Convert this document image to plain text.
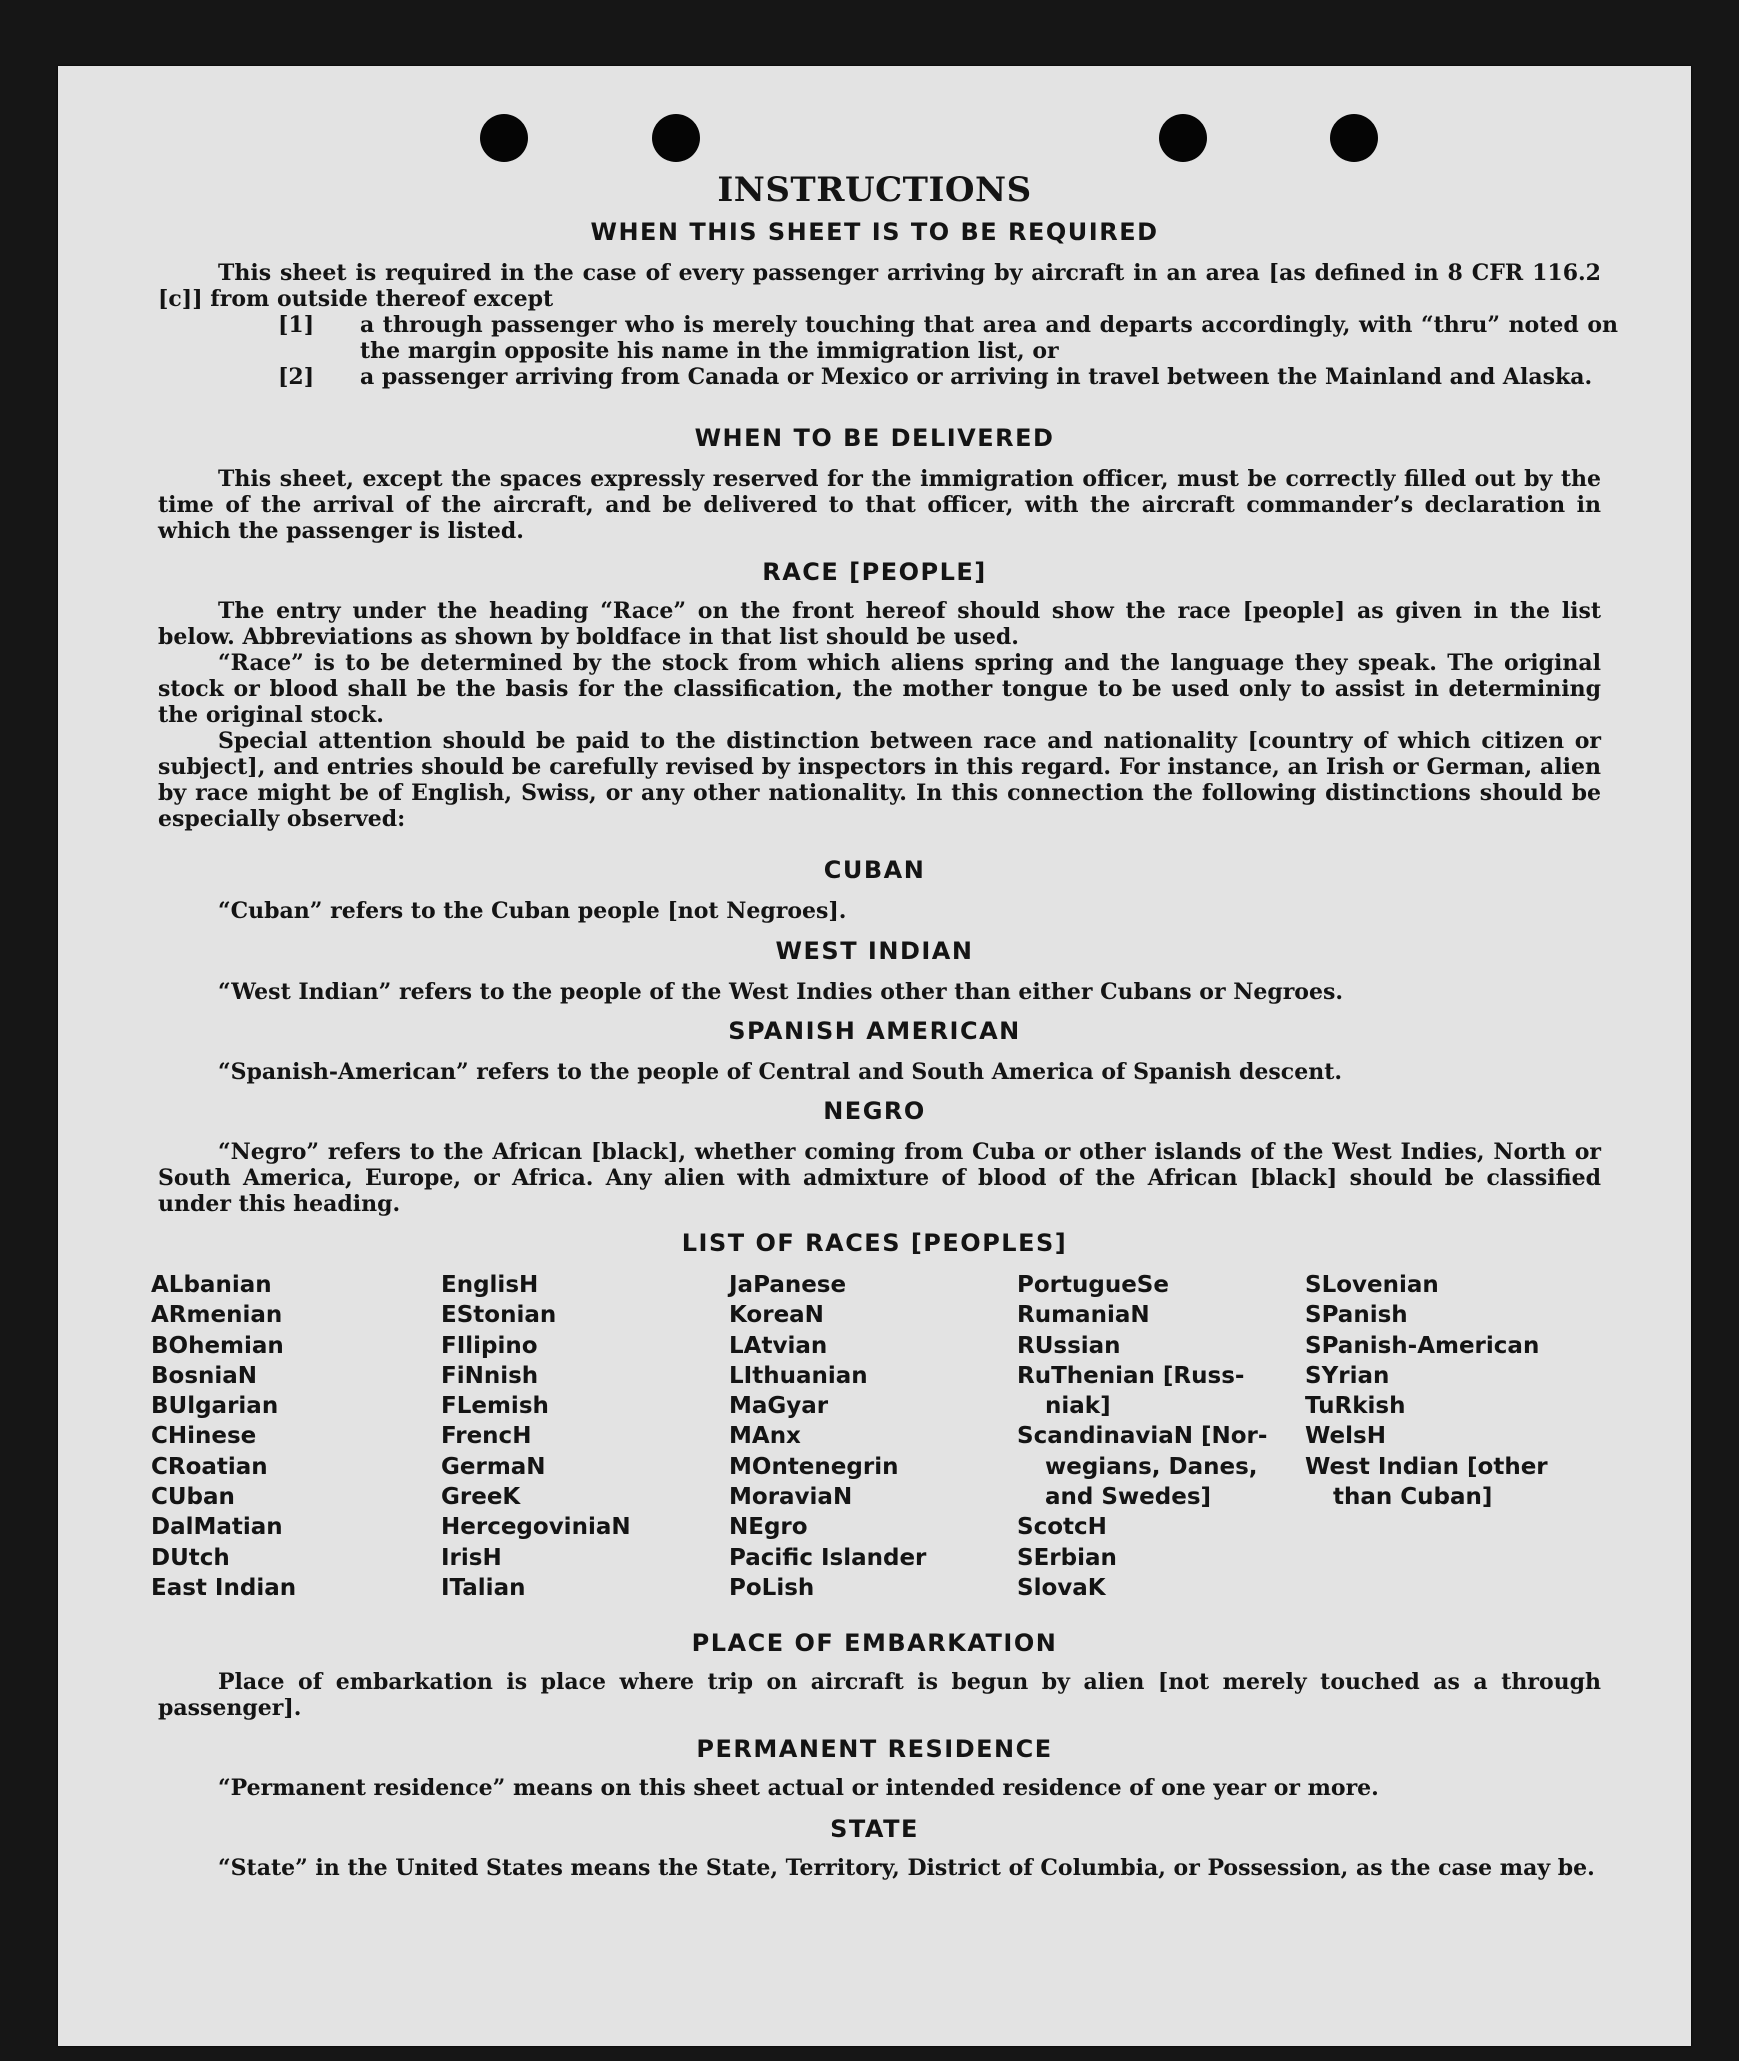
INSTRUCTIONS
WHEN THIS SHEET IS TO BE REQUIRED

This sheet is required in the case of every passenger arriving by aircraft in an area [as defined in 8 CFR 116.2 [c]] from outside thereof except

[1] a through passenger who is merely touching that area and departs accordingly, with “thru” noted on the margin opposite his name in the immigration list, or
[2] a passenger arriving from Canada or Mexico or arriving in travel between the Mainland and Alaska.
WHEN TO BE DELIVERED

This sheet, except the spaces expressly reserved for the immigration officer, must be correctly filled out by the time of the arrival of the aircraft, and be delivered to that officer, with the aircraft commander’s declaration in which the passenger is listed.

RACE [PEOPLE]

The entry under the heading “Race” on the front hereof should show the race [people] as given in the list below. Abbreviations as shown by boldface in that list should be used.

“Race” is to be determined by the stock from which aliens spring and the language they speak. The original stock or blood shall be the basis for the classification, the mother tongue to be used only to assist in determining the original stock.

Special attention should be paid to the distinction between race and nationality [country of which citizen or subject], and entries should be carefully revised by inspectors in this regard. For instance, an Irish or German, alien by race might be of English, Swiss, or any other nationality. In this connection the following distinctions should be especially observed:

CUBAN

“Cuban” refers to the Cuban people [not Negroes].

WEST INDIAN

“West Indian” refers to the people of the West Indies other than either Cubans or Negroes.

SPANISH AMERICAN

“Spanish-American” refers to the people of Central and South America of Spanish descent.

NEGRO

“Negro” refers to the African [black], whether coming from Cuba or other islands of the West Indies, North or South America, Europe, or Africa. Any alien with admixture of blood of the African [black] should be classified under this heading.

LIST OF RACES [PEOPLES]
ALbanian
ARmenian
BOhemian
BosniaN
BUlgarian
CHinese
CRoatian
CUban
DalMatian
DUtch
East Indian
EnglisH
EStonian
FIlipino
FiNnish
FLemish
FrencH
GermaN
GreeK
HercegoviniaN
IrisH
ITalian
JaPanese
KoreaN
LAtvian
LIthuanian
MaGyar
MAnx
MOntenegrin
MoraviaN
NEgro
Pacific Islander
PoLish
PortugueSe
RumaniaN
RUssian
RuThenian [Russ-
niak]
ScandinaviaN [Nor-
wegians, Danes,
and Swedes]
ScotcH
SErbian
SlovaK
SLovenian
SPanish
SPanish-American
SYrian
TuRkish
WelsH
West Indian [other
than Cuban]
PLACE OF EMBARKATION

Place of embarkation is place where trip on aircraft is begun by alien [not merely touched as a through passenger].

PERMANENT RESIDENCE

“Permanent residence” means on this sheet actual or intended residence of one year or more.

STATE

“State” in the United States means the State, Territory, District of Columbia, or Possession, as the case may be.
